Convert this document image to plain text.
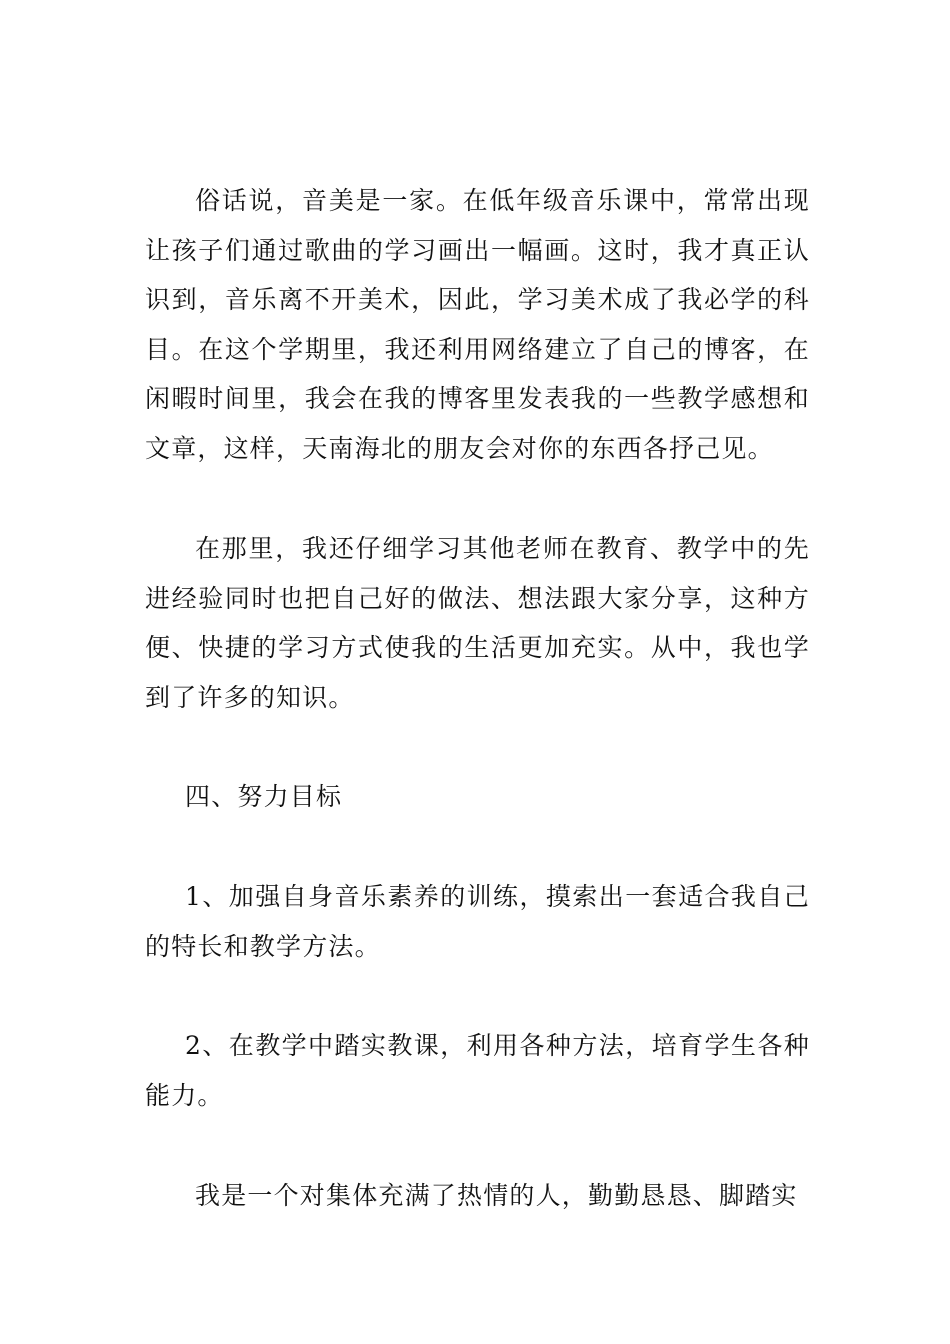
俗话说，音美是一家。在低年级音乐课中，常常出现让孩子们通过歌曲的学习画出一幅画。这时，我才真正认识到，音乐离不开美术，因此，学习美术成了我必学的科目。在这个学期里，我还利用网络建立了自己的博客，在闲暇时间里，我会在我的博客里发表我的一些教学感想和文章，这样，天南海北的朋友会对你的东西各抒己见。

在那里，我还仔细学习其他老师在教育、教学中的先进经验同时也把自己好的做法、想法跟大家分享，这种方便、快捷的学习方式使我的生活更加充实。从中，我也学到了许多的知识。

四、努力目标

1、加强自身音乐素养的训练，摸索出一套适合我自己的特长和教学方法。

2、在教学中踏实教课，利用各种方法，培育学生各种能力。

我是一个对集体充满了热情的人，勤勤恳恳、脚踏实
